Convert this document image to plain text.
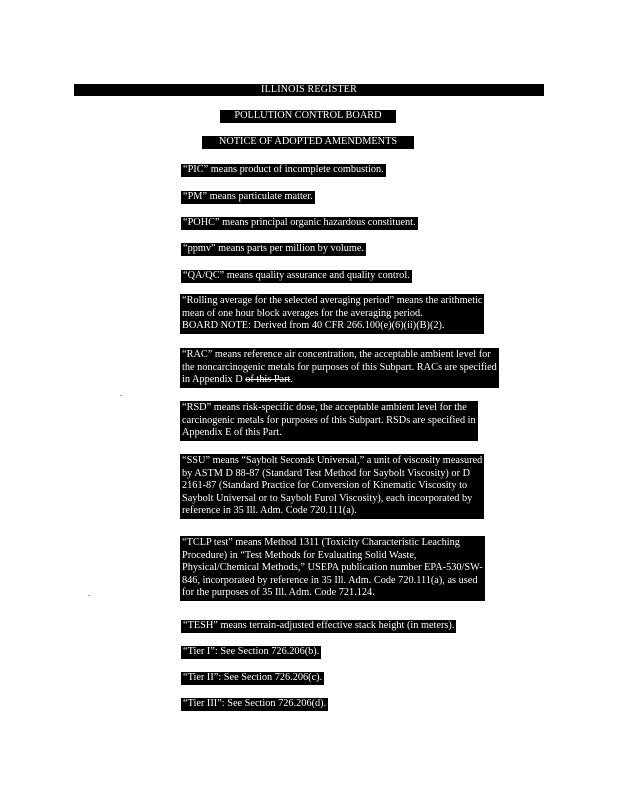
ILLINOIS REGISTER
POLLUTION CONTROL BOARD
NOTICE OF ADOPTED AMENDMENTS
“PIC” means product of incomplete combustion.
“PM” means particulate matter.
“POHC” means principal organic hazardous constituent.
“ppmv” means parts per million by volume.
“QA/QC” means quality assurance and quality control.
“Rolling average for the selected averaging period” means the arithmetic
mean of one hour block averages for the averaging period.
BOARD NOTE: Derived from 40 CFR 266.100(e)(6)(ii)(B)(2).
“RAC” means reference air concentration, the acceptable ambient level for
the noncarcinogenic metals for purposes of this Subpart. RACs are specified
in Appendix D of this Part.
“RSD” means risk-specific dose, the acceptable ambient level for the
carcinogenic metals for purposes of this Subpart. RSDs are specified in
Appendix E of this Part.
“SSU” means “Saybolt Seconds Universal,” a unit of viscosity measured
by ASTM D 88-87 (Standard Test Method for Saybolt Viscosity) or D
2161-87 (Standard Practice for Conversion of Kinematic Viscosity to
Saybolt Universal or to Saybolt Furol Viscosity), each incorporated by
reference in 35 Ill. Adm. Code 720.111(a).
“TCLP test” means Method 1311 (Toxicity Characteristic Leaching
Procedure) in “Test Methods for Evaluating Solid Waste,
Physical/Chemical Methods,” USEPA publication number EPA-530/SW-
846, incorporated by reference in 35 Ill. Adm. Code 720.111(a), as used
for the purposes of 35 Ill. Adm. Code 721.124.
“TESH” means terrain-adjusted effective stack height (in meters).
“Tier I”: See Section 726.206(b).
“Tier II”: See Section 726.206(c).
“Tier III”: See Section 726.206(d).
